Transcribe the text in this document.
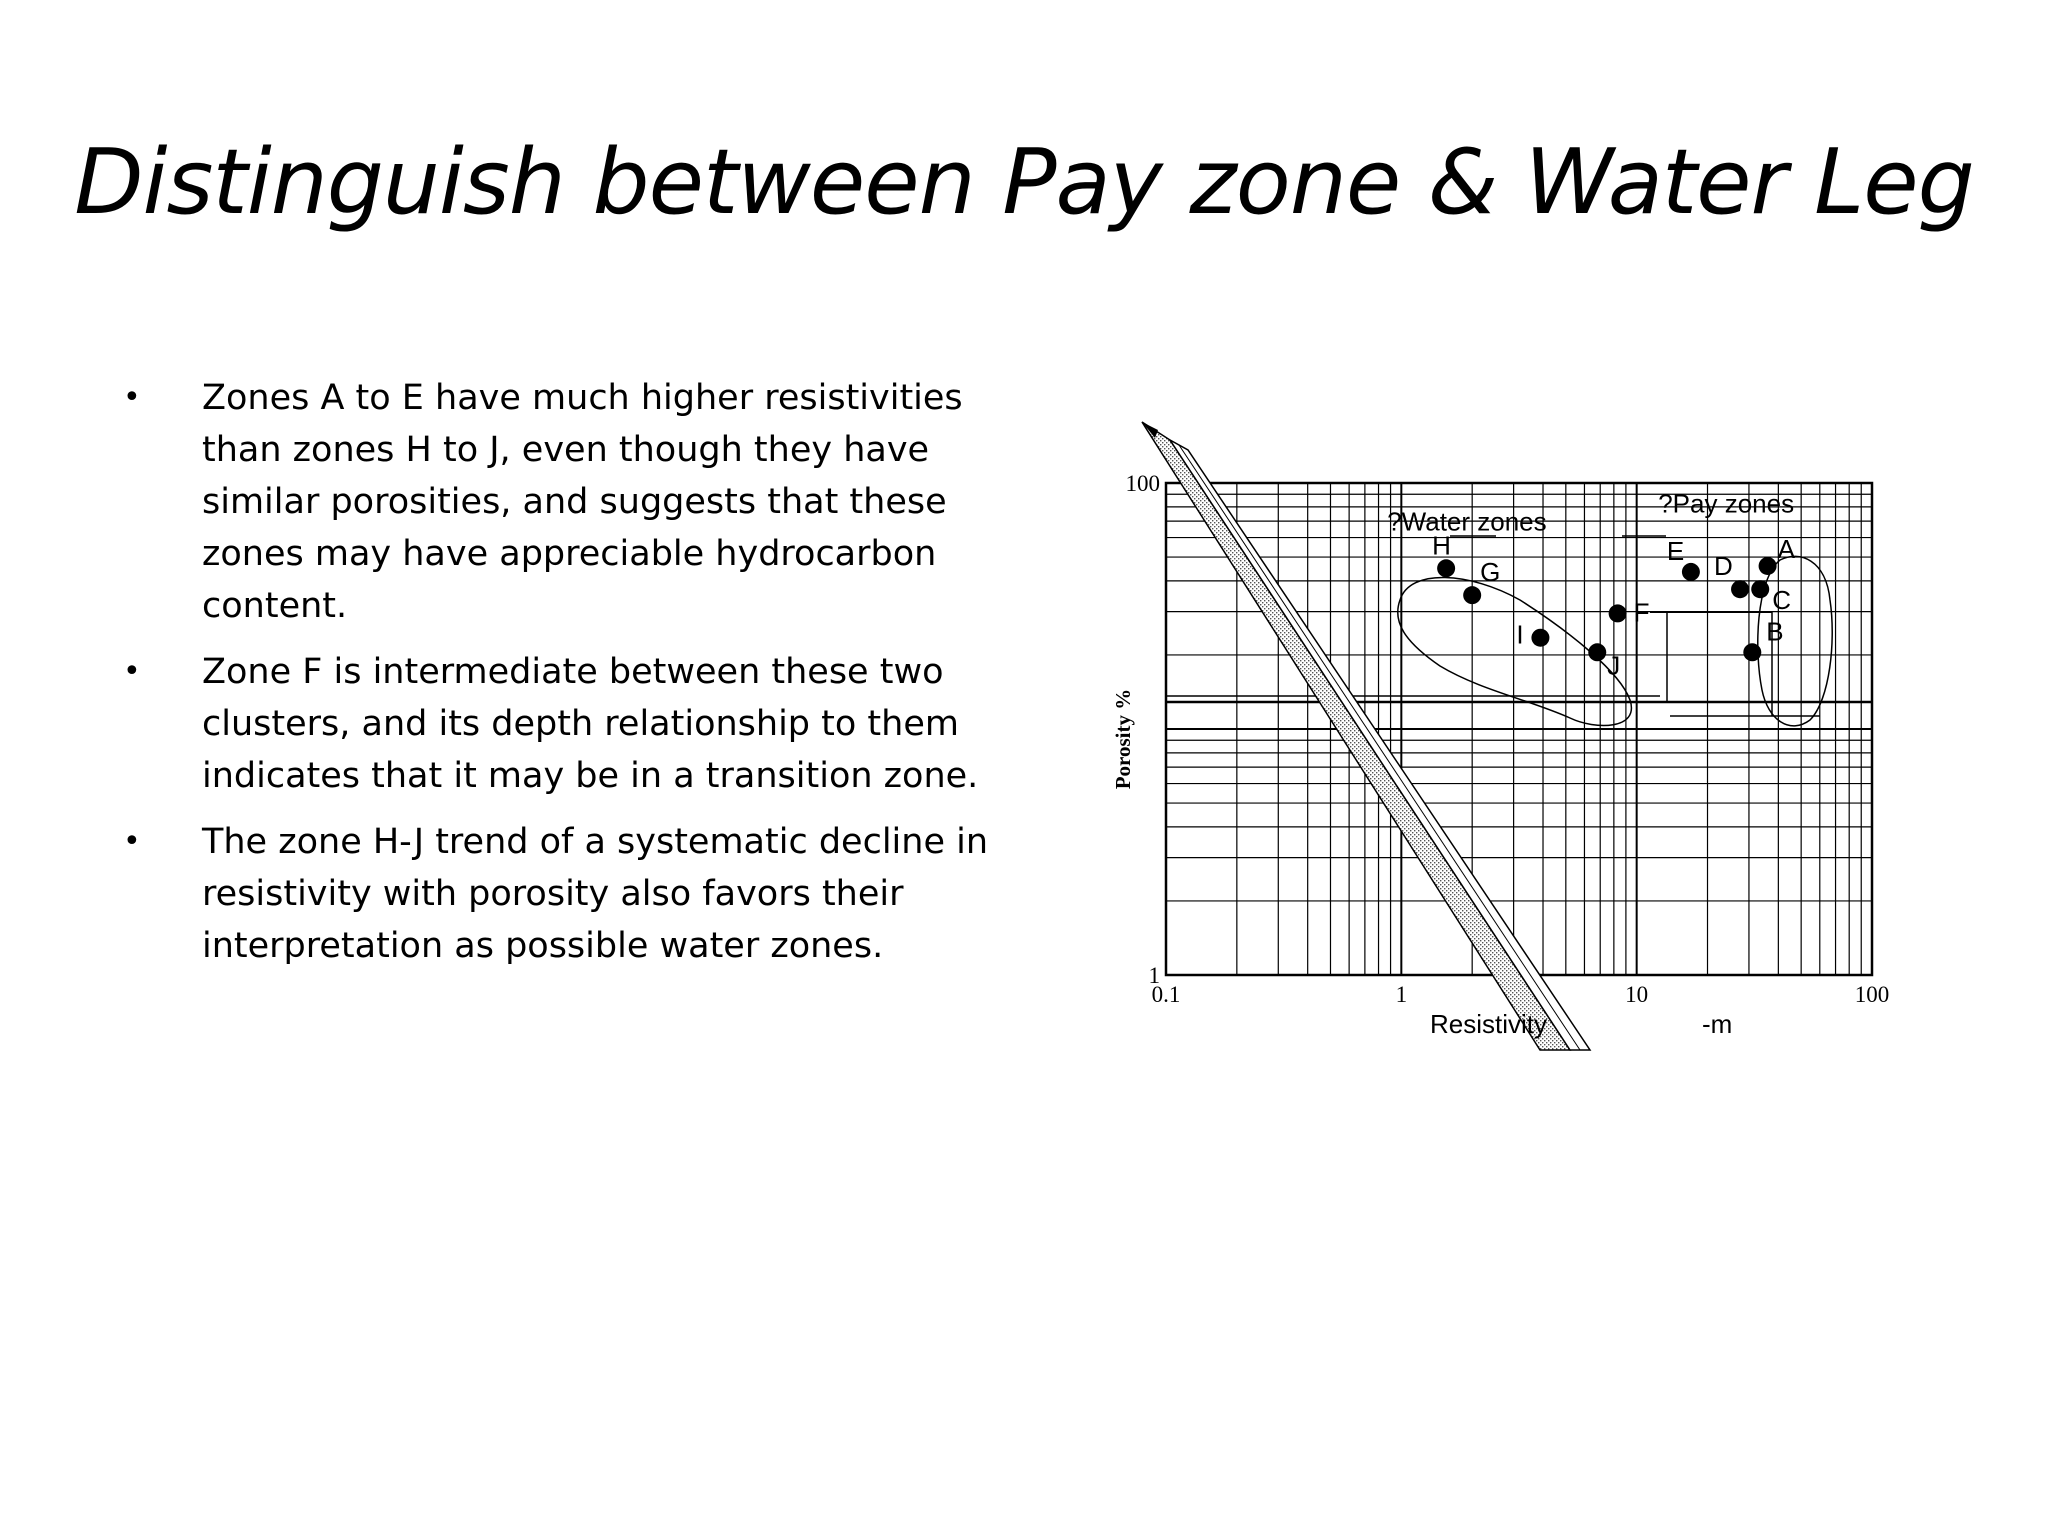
Distinguish between Pay zone & Water Leg
• Zones A to E have much higher resistivities than zones H to J, even though they have similar porosities, and suggests that these zones may have appreciable hydrocarbon content.
• Zone F is intermediate between these two clusters, and its depth relationship to them indicates that it may be in a transition zone.
• The zone H-J trend of a systematic decline in resistivity with porosity also favors their interpretation as possible water zones.
0.1	1	10	100
1
100
Resistivity	-m
Porosity %
?Water zones
?Pay zones
A
B
C
D
E
F
G
H
I
J
